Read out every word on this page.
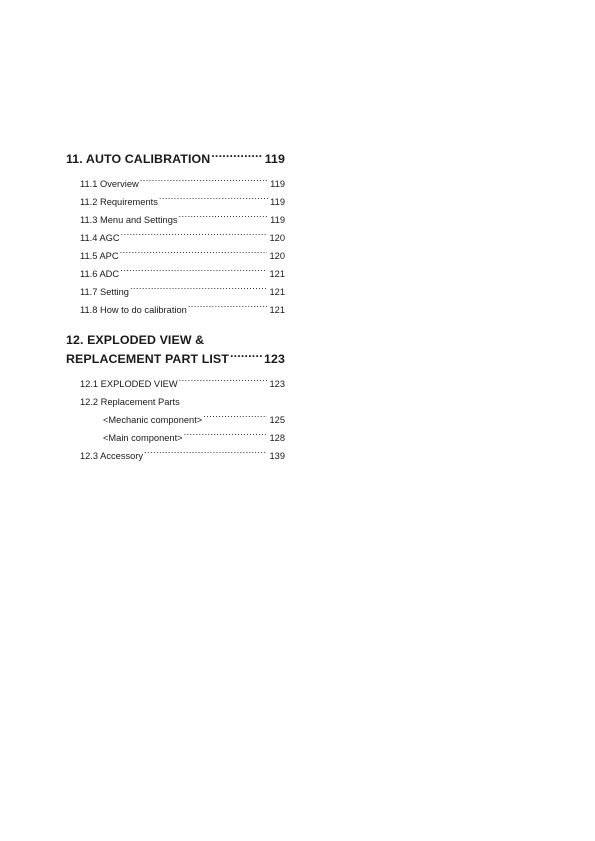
11. AUTO CALIBRATION .....	119
11.1 Overview .....	119
11.2 Requirements .....	119
11.3 Menu and Settings .....	119
11.4 AGC .....	120
11.5 APC .....	120
11.6 ADC .....	121
11.7 Setting .....	121
11.8 How to do calibration .....	121
12. EXPLODED VIEW &
REPLACEMENT PART LIST .....	123
12.1 EXPLODED VIEW .....	123
12.2 Replacement Parts
<Mechanic component> .....	125
<Main component> .....	128
12.3 Accessory .....	139
